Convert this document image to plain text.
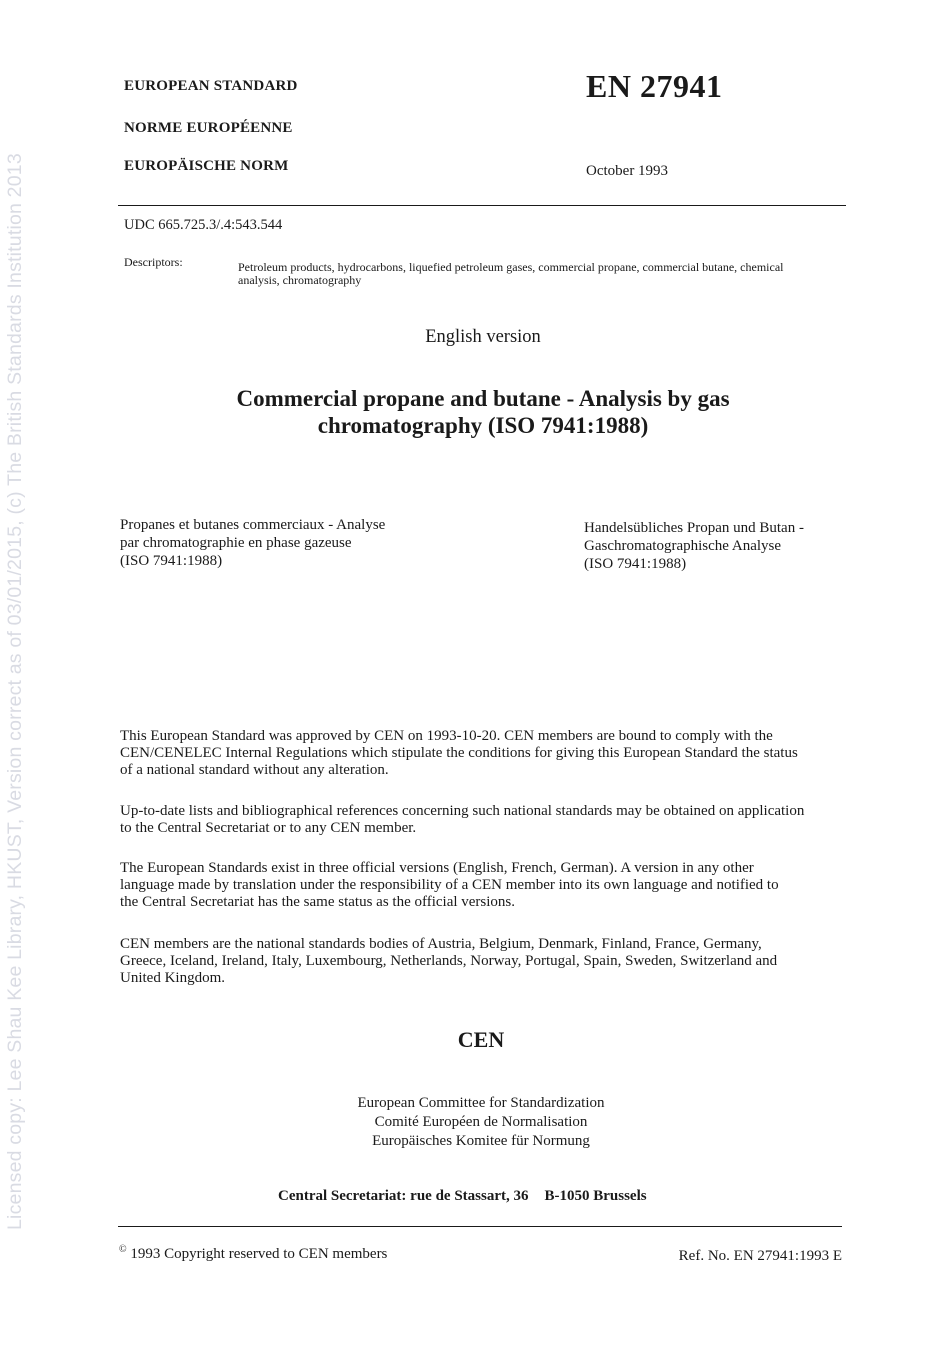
Licensed copy: Lee Shau Kee Library, HKUST, Version correct as of 03/01/2015, (c) The British Standards Institution 2013
EUROPEAN STANDARD
NORME EUROPÉENNE
EUROPÄISCHE NORM
EN 27941
October 1993
UDC 665.725.3/.4:543.544
Descriptors:	Petroleum products, hydrocarbons, liquefied petroleum gases, commercial propane, commercial butane, chemical
analysis, chromatography
English version
Commercial propane and butane - Analysis by gas
chromatography (ISO 7941:1988)
Propanes et butanes commerciaux - Analyse
par chromatographie en phase gazeuse
(ISO 7941:1988)
Handelsübliches Propan und Butan -
Gaschromatographische Analyse
(ISO 7941:1988)
This European Standard was approved by CEN on 1993-10-20. CEN members are bound to comply with the
CEN/CENELEC Internal Regulations which stipulate the conditions for giving this European Standard the status
of a national standard without any alteration.
Up-to-date lists and bibliographical references concerning such national standards may be obtained on application
to the Central Secretariat or to any CEN member.
The European Standards exist in three official versions (English, French, German). A version in any other
language made by translation under the responsibility of a CEN member into its own language and notified to
the Central Secretariat has the same status as the official versions.
CEN members are the national standards bodies of Austria, Belgium, Denmark, Finland, France, Germany,
Greece, Iceland, Ireland, Italy, Luxembourg, Netherlands, Norway, Portugal, Spain, Sweden, Switzerland and
United Kingdom.
CEN
European Committee for Standardization
Comité Européen de Normalisation
Europäisches Komitee für Normung
Central Secretariat: rue de Stassart, 36 B-1050 Brussels
© 1993 Copyright reserved to CEN members	Ref. No. EN 27941:1993 E
